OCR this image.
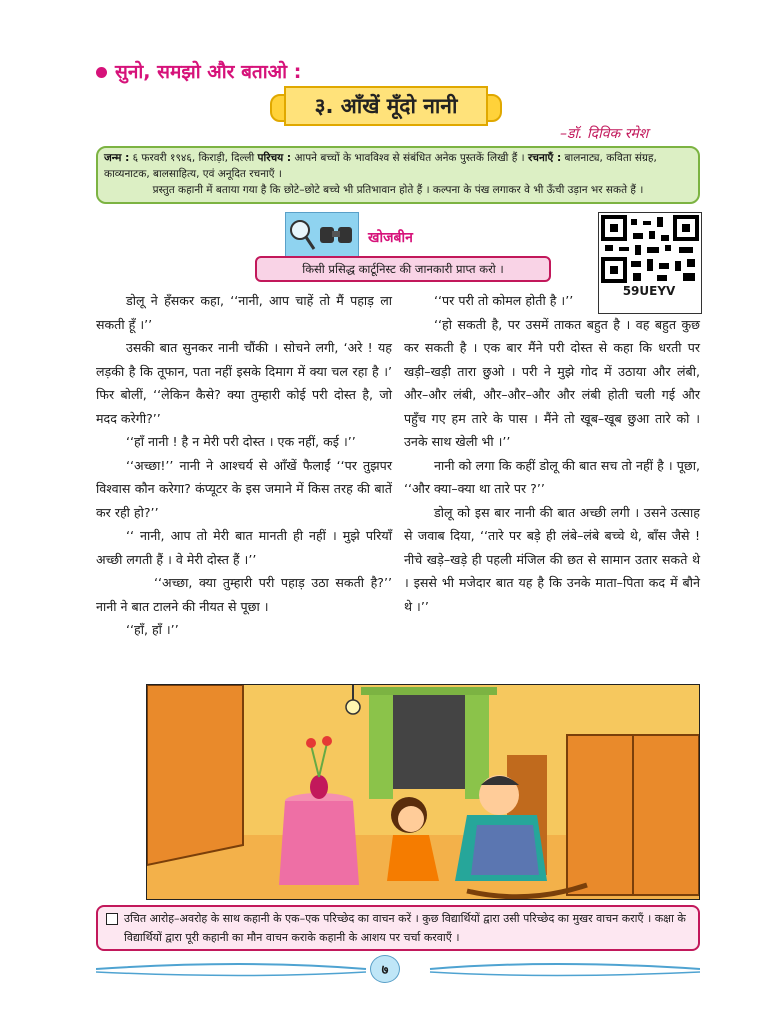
सुनो, समझो और बताओ :
३. आँखें मूँदो नानी
–डॉ. दिविक रमेश
जन्म : ६ फरवरी १९४६, किराड़ी, दिल्ली परिचय : आपने बच्चों के भावविश्व से संबंधित अनेक पुस्तकें लिखी हैं । रचनाएँ : बालनाट्य, कविता संग्रह, काव्यनाटक, बालसाहित्य, एवं अनूदित रचनाएँ ।
प्रस्तुत कहानी में बताया गया है कि छोटे–छोटे बच्चे भी प्रतिभावान होते हैं । कल्पना के पंख लगाकर वे भी ऊँची उड़ान भर सकते हैं ।
खोजबीन
किसी प्रसिद्ध कार्टूनिस्ट की जानकारी प्राप्त करो ।
59UEYV

डोलू ने हँसकर कहा, ‘‘नानी, आप चाहें तो मैं पहाड़ ला सकती हूँ ।’’

उसकी बात सुनकर नानी चौंकी । सोचने लगी, ‘अरे ! यह लड़की है कि तूफान, पता नहीं इसके दिमाग में क्या चल रहा है ।’ फिर बोलीं, ‘‘लेकिन कैसे? क्या तुम्हारी कोई परी दोस्त है, जो मदद करेगी?’’

‘‘हाँ नानी ! है न मेरी परी दोस्त । एक नहीं, कई ।’’

‘‘अच्छा!’’ नानी ने आश्चर्य से आँखें फैलाईं ‘‘पर तुझपर विश्वास कौन करेगा? कंप्यूटर के इस जमाने में किस तरह की बातें कर रही हो?’’

‘‘ नानी, आप तो मेरी बात मानती ही नहीं । मुझे परियाँ अच्छी लगती हैं । वे मेरी दोस्त हैं ।’’

‘‘अच्छा, क्या तुम्हारी परी पहाड़ उठा सकती है?’’ नानी ने बात टालने की नीयत से पूछा ।

‘‘हाँ, हाँ ।’’

‘‘पर परी तो कोमल होती है ।’’

‘‘हो सकती है, पर उसमें ताकत बहुत है । वह बहुत कुछ कर सकती है । एक बार मैंने परी दोस्त से कहा कि धरती पर खड़ी–खड़ी तारा छुओ । परी ने मुझे गोद में उठाया और लंबी, और–और लंबी, और–और–और और लंबी होती चली गई और पहुँच गए हम तारे के पास । मैंने तो खूब–खूब छुआ तारे को । उनके साथ खेली भी ।’’

नानी को लगा कि कहीं डोलू की बात सच तो नहीं है । पूछा, ‘‘और क्या–क्या था तारे पर ?’’

डोलू को इस बार नानी की बात अच्छी लगी । उसने उत्साह से जवाब दिया, ‘‘तारे पर बड़े ही लंबे–लंबे बच्चे थे, बाँस जैसे ! नीचे खड़े–खड़े ही पहली मंजिल की छत से सामान उतार सकते थे । इससे भी मजेदार बात यह है कि उनके माता–पिता कद में बौने थे ।’’

उचित आरोह–अवरोह के साथ कहानी के एक–एक परिच्छेद का वाचन करें । कुछ विद्यार्थियों द्वारा उसी परिच्छेद का मुखर वाचन कराएँ । कक्षा के विद्यार्थियों द्वारा पूरी कहानी का मौन वाचन कराके कहानी के आशय पर चर्चा करवाएँ ।
७
